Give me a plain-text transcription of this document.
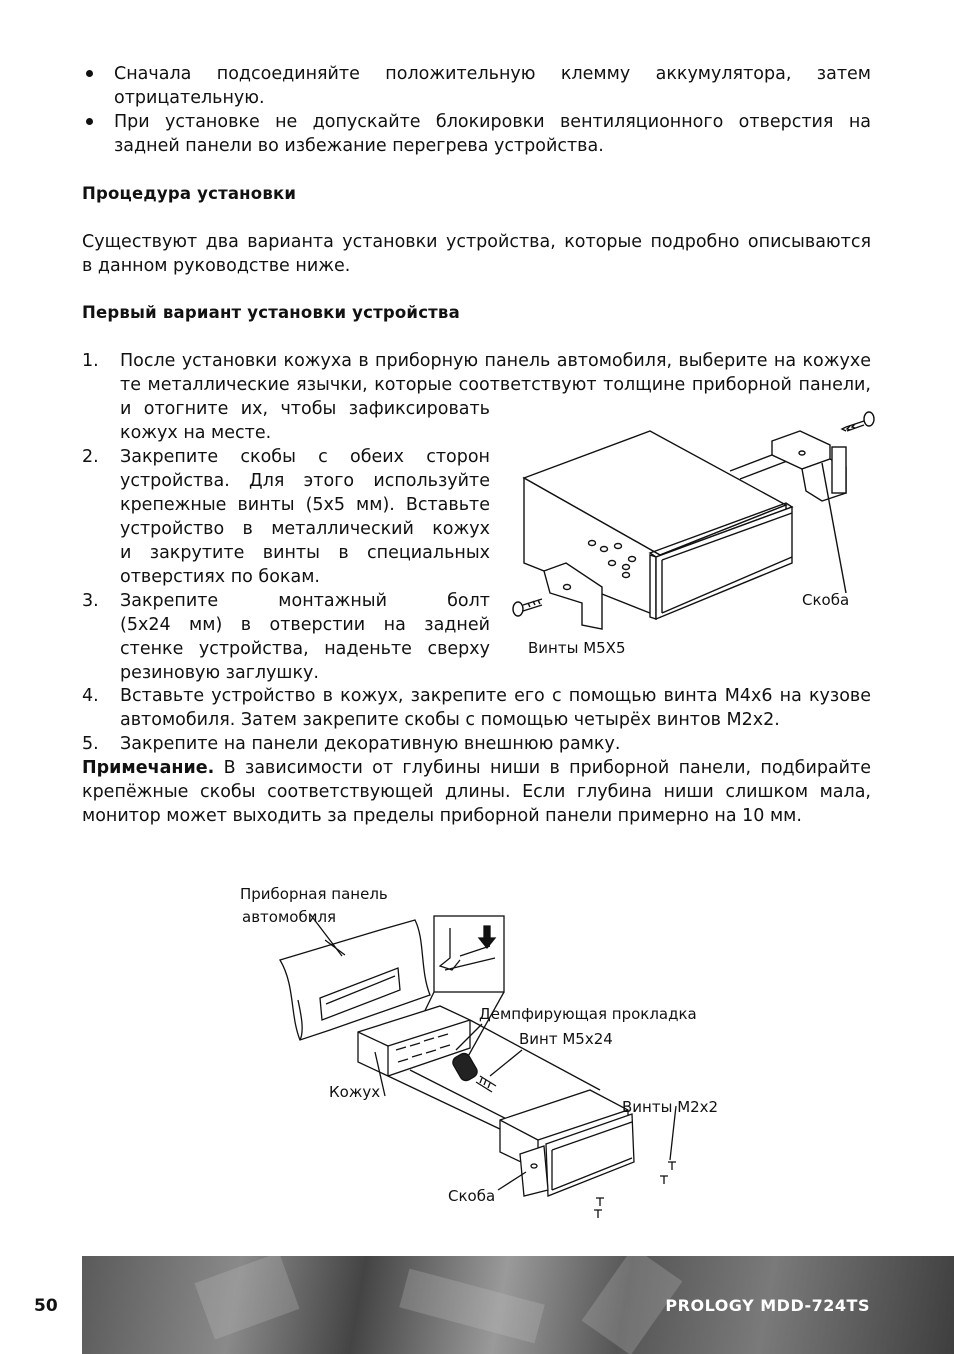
Сначала подсоединяйте положительную клемму аккумулятора, затем
отрицательную.
При установке не допускайте блокировки вентиляционного отверстия на
задней панели во избежание перегрева устройства.
Процедура установки
Существуют два варианта установки устройства, которые подробно описываются
в данном руководстве ниже.
Первый вариант установки устройства
1. После установки кожуха в приборную панель автомобиля, выберите на кожухе
те металлические язычки, которые соответствуют толщине приборной панели,
и отогните их, чтобы зафиксировать
кожух на месте.
2. Закрепите скобы с обеих сторон
устройства. Для этого используйте
крепежные винты (5x5 мм). Вставьте
устройство в металлический кожух
и закрутите винты в специальных
отверстиях по бокам.
3. Закрепите монтажный болт
(5x24 мм) в отверстии на задней
стенке устройства, наденьте сверху
резиновую заглушку.
4. Вставьте устройство в кожух, закрепите его с помощью винта M4x6 на кузове
автомобиля. Затем закрепите скобы с помощью четырёх винтов M2x2.
5. Закрепите на панели декоративную внешнюю рамку.
Примечание. В зависимости от глубины ниши в приборной панели, подбирайте
крепёжные скобы соответствующей длины. Если глубина ниши слишком мала,
монитор может выходить за пределы приборной панели примерно на 10 мм.
Скоба
Винты M5X5
Приборная панель
автомобиля
Демпфирующая прокладка
Винт M5x24
Кожух
Винты M2x2
Скоба
50	PROLOGY MDD-724TS
